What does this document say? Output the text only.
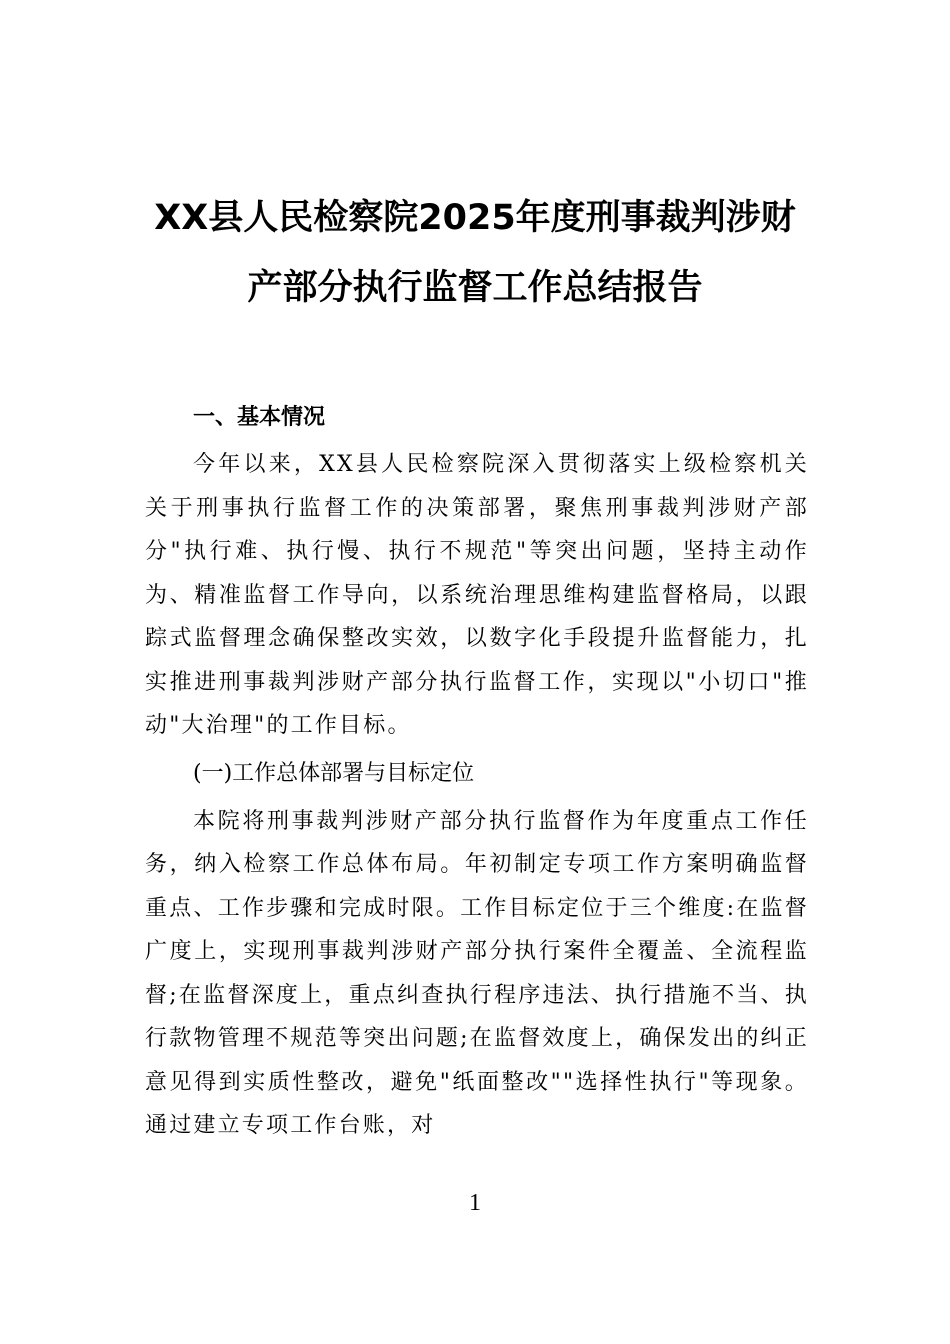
XX县人民检察院2025年度刑事裁判涉财
产部分执行监督工作总结报告
一、基本情况

今年以来，XX县人民检察院深入贯彻落实上级检察机关关于刑事执行监督工作的决策部署，聚焦刑事裁判涉财产部分"执行难、执行慢、执行不规范"等突出问题，坚持主动作为、精准监督工作导向，以系统治理思维构建监督格局，以跟踪式监督理念确保整改实效，以数字化手段提升监督能力，扎实推进刑事裁判涉财产部分执行监督工作，实现以"小切口"推动"大治理"的工作目标。

(一)工作总体部署与目标定位

本院将刑事裁判涉财产部分执行监督作为年度重点工作任务，纳入检察工作总体布局。年初制定专项工作方案明确监督重点、工作步骤和完成时限。工作目标定位于三个维度:在监督广度上，实现刑事裁判涉财产部分执行案件全覆盖、全流程监督;在监督深度上，重点纠查执行程序违法、执行措施不当、执行款物管理不规范等突出问题;在监督效度上，确保发出的纠正意见得到实质性整改，避免"纸面整改""选择性执行"等现象。通过建立专项工作台账，对

1
